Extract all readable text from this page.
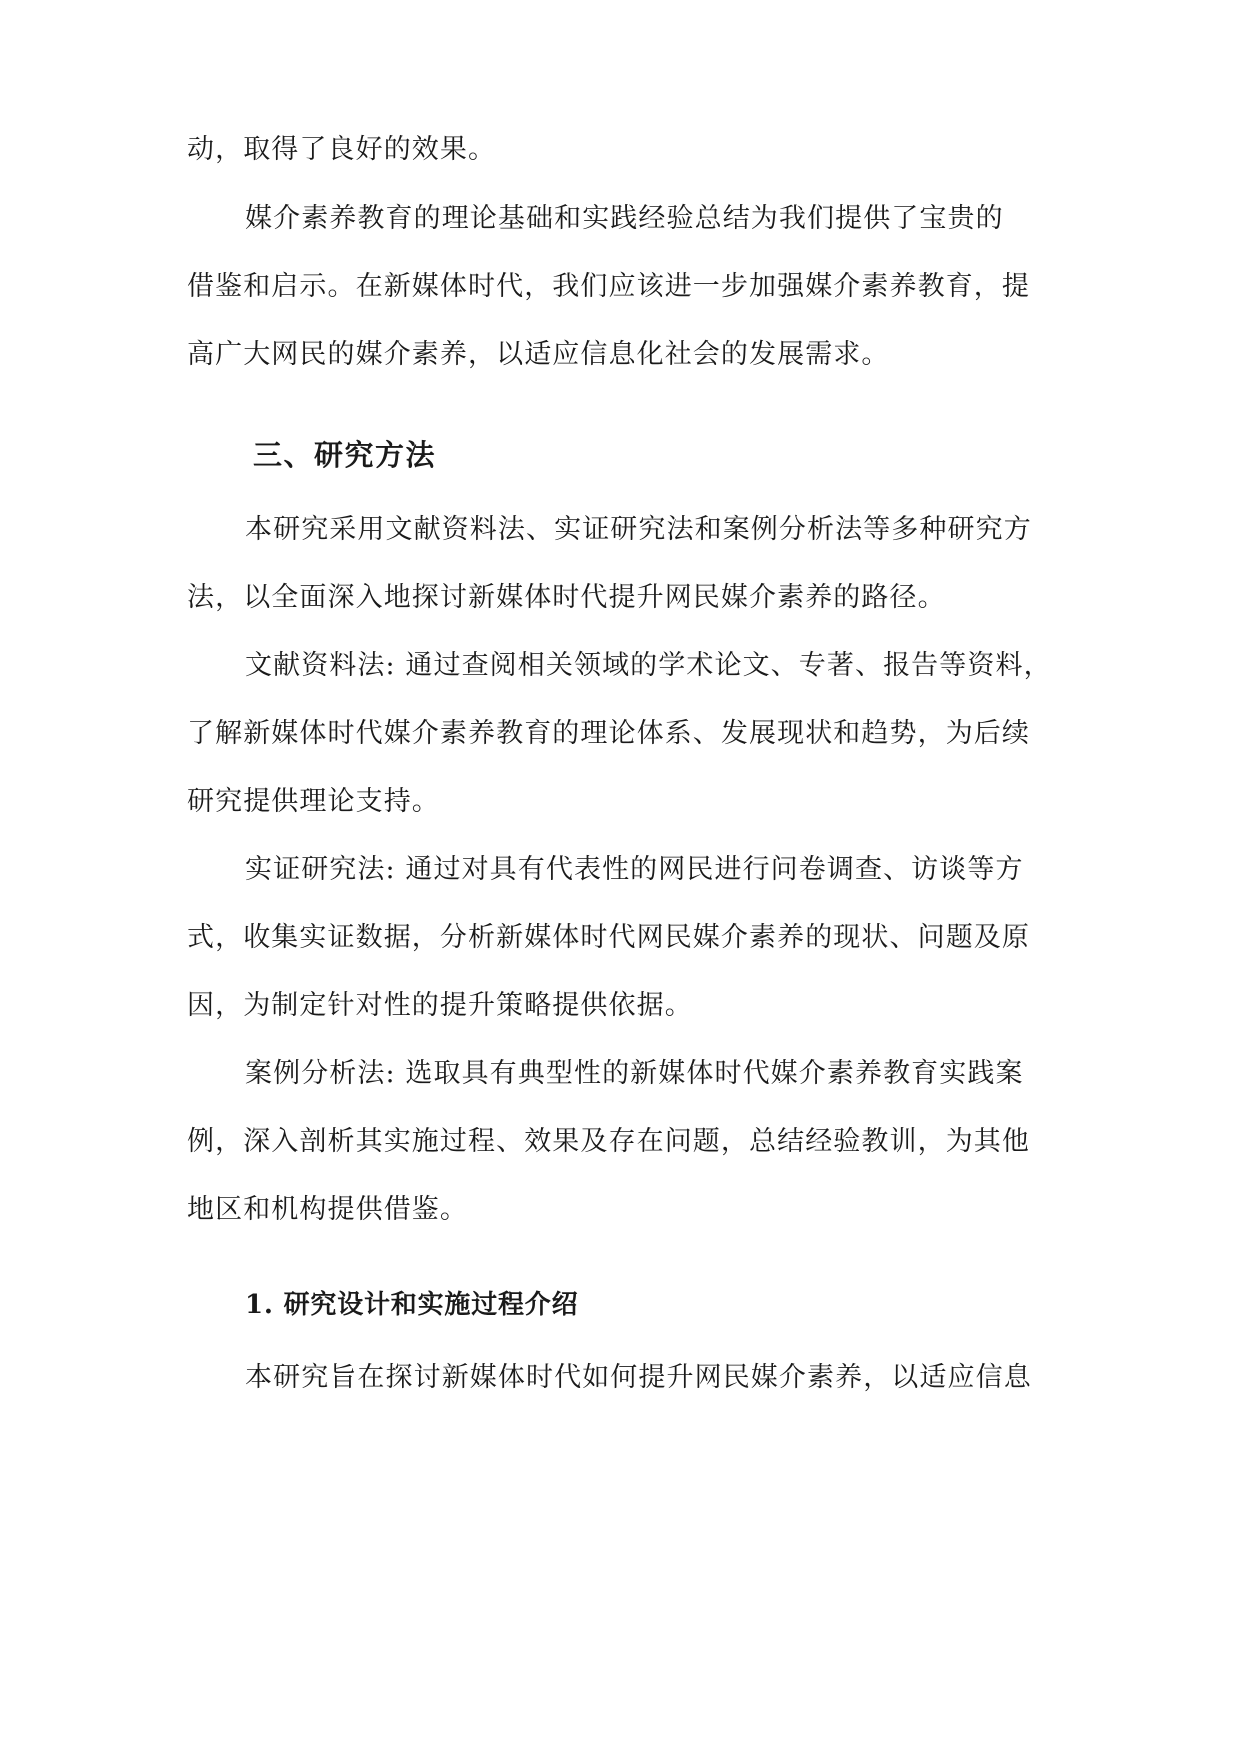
动，取得了良好的效果。
媒介素养教育的理论基础和实践经验总结为我们提供了宝贵的
借鉴和启示。在新媒体时代，我们应该进一步加强媒介素养教育，提
高广大网民的媒介素养，以适应信息化社会的发展需求。
三、研究方法
本研究采用文献资料法、实证研究法和案例分析法等多种研究方
法，以全面深入地探讨新媒体时代提升网民媒介素养的路径。
文献资料法: 通过查阅相关领域的学术论文、专著、报告等资料，
了解新媒体时代媒介素养教育的理论体系、发展现状和趋势，为后续
研究提供理论支持。
实证研究法: 通过对具有代表性的网民进行问卷调查、访谈等方
式，收集实证数据，分析新媒体时代网民媒介素养的现状、问题及原
因，为制定针对性的提升策略提供依据。
案例分析法: 选取具有典型性的新媒体时代媒介素养教育实践案
例，深入剖析其实施过程、效果及存在问题，总结经验教训，为其他
地区和机构提供借鉴。
1. 研究设计和实施过程介绍
本研究旨在探讨新媒体时代如何提升网民媒介素养，以适应信息
